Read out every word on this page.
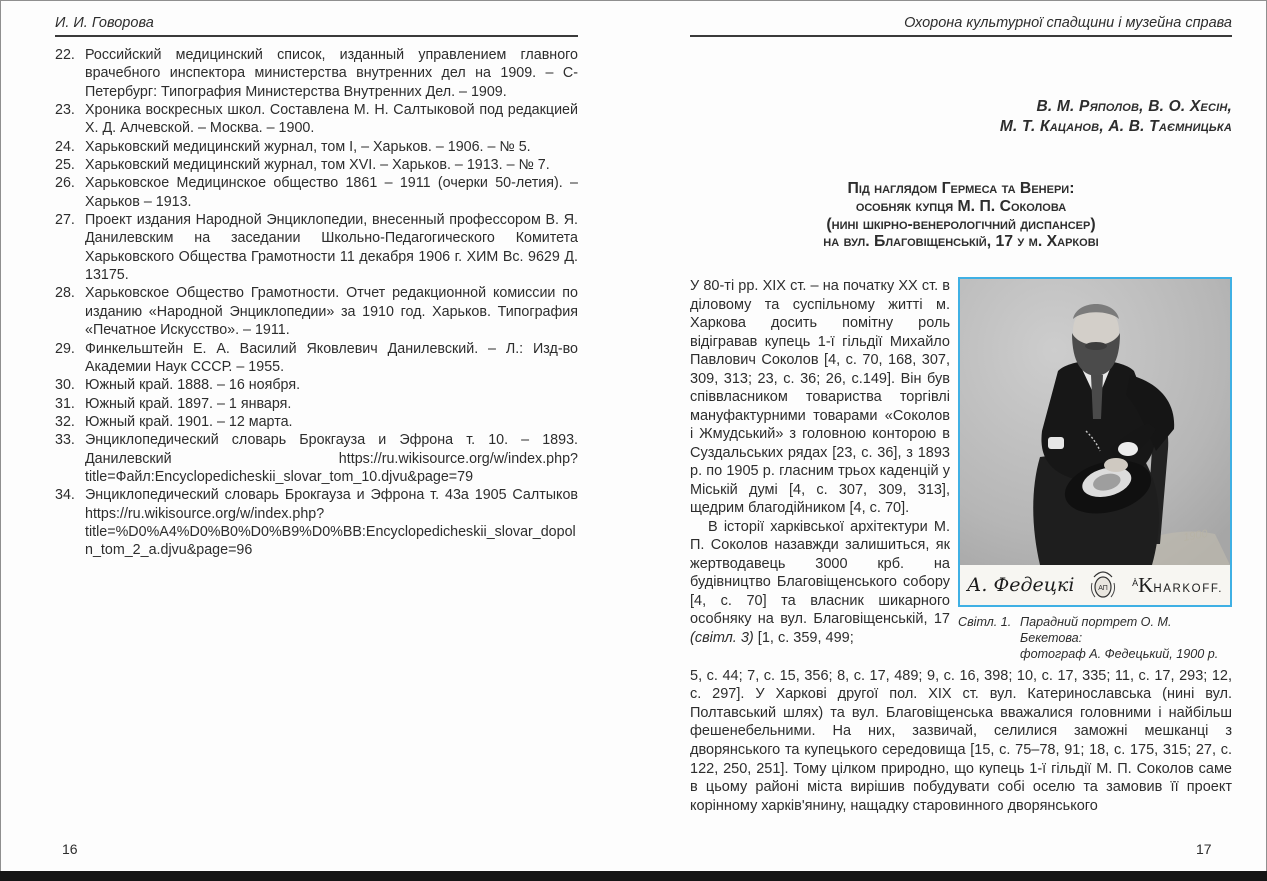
И. И. Говорова
22. Российский медицинский список, изданный управлением главного врачебного инспектора министерства внутренних дел на 1909. – С-Петербург: Типография Министерства Внутренних Дел. – 1909.
23. Хроника воскресных школ. Составлена М. Н. Салтыковой под редакцией Х. Д. Алчевской. – Москва. – 1900.
24. Харьковский медицинский журнал, том I, – Харьков. – 1906. – № 5.
25. Харьковский медицинский журнал, том XVI. – Харьков. – 1913. – № 7.
26. Харьковское Медицинское общество 1861 – 1911 (очерки 50-летия). – Харьков – 1913.
27. Проект издания Народной Энциклопедии, внесенный профессором В. Я. Данилевским на заседании Школьно-Педагогического Комитета Харьковского Общества Грамотности 11 декабря 1906 г. ХИМ Вс. 9629 Д. 13175.
28. Харьковское Общество Грамотности. Отчет редакционной комиссии по изданию «Народной Энциклопедии» за 1910 год. Харьков. Типография «Печатное Искусство». – 1911.
29. Финкельштейн Е. А. Василий Яковлевич Данилевский. – Л.: Изд-во Академии Наук СССР. – 1955.
30. Южный край. 1888. – 16 ноября.
31. Южный край. 1897. – 1 января.
32. Южный край. 1901. – 12 марта.
33. Энциклопедический словарь Брокгауза и Эфрона т. 10. – 1893. Данилевский https://ru.wikisource.org/w/index.php?title=Файл:Encyclopedicheskii_slovar_tom_10.djvu&page=79
34. Энциклопедический словарь Брокгауза и Эфрона т. 43а 1905 Салтыков https://ru.wikisource.org/w/index.php?title=%D0%A4%D0%B0%D0%B9%D0%BB:Encyclopedicheskii_slovar_dopoln_tom_2_a.djvu&page=96
16
Охорона культурної спадщини і музейна справа
В. М. Ряполов, В. О. Хесін,
М. Т. Кацанов, А. В. Таємницька
Під наглядом Гермеса та Венери:
особняк купця М. П. Соколова
(нині шкірно-венерологічний диспансер)
на вул. Благовіщенській, 17 у м. Харкові

У 80-ті рр. XIX ст. – на початку XX ст. в діловому та суспільному житті м. Харкова досить помітну роль відігравав купець 1-ї гільдії Михайло Павлович Соколов [4, с. 70, 168, 307, 309, 313; 23, с. 36; 26, с.149]. Він був співвласником товариства торгівлі мануфактурними товарами «Соколов і Жмудський» з головною конторою в Суздальських рядах [23, с. 36], з 1893 р. по 1905 р. гласним трьох каденцій у Міській думі [4, с. 307, 309, 313], щедрим благодійником [4, с. 70].

В історії харківської архітектури М. П. Соколов назавжди залишиться, як жертводавець 3000 крб. на будівництво Благовіщенського собору [4, с. 70] та власник шикарного особняку на вул. Благовіщенській, 17 (світл. 3) [1, с. 359, 499;

1900
А. Федецкі	АП
$^À$KHARKOFF.
Світл. 1. Парадний портрет О. М. Бекетова:
фотограф А. Федецький, 1900 р.
5, с. 44; 7, с. 15, 356; 8, с. 17, 489; 9, с. 16, 398; 10, с. 17, 335; 11, с. 17, 293; 12, с. 297]. У Харкові другої пол. XIX ст. вул. Катеринославська (нині вул. Полтавський шлях) та вул. Благовіщенська вважалися головними і найбільш фешенебельними. На них, зазвичай, селилися заможні мешканці з дворянського та купецького середовища [15, с. 75–78, 91; 18, с. 175, 315; 27, с. 122, 250, 251]. Тому цілком природно, що купець 1-ї гільдії М. П. Соколов саме в цьому районі міста вирішив побудувати собі оселю та замовив її проект корінному харків'янину, нащадку старовинного дворянського
17
